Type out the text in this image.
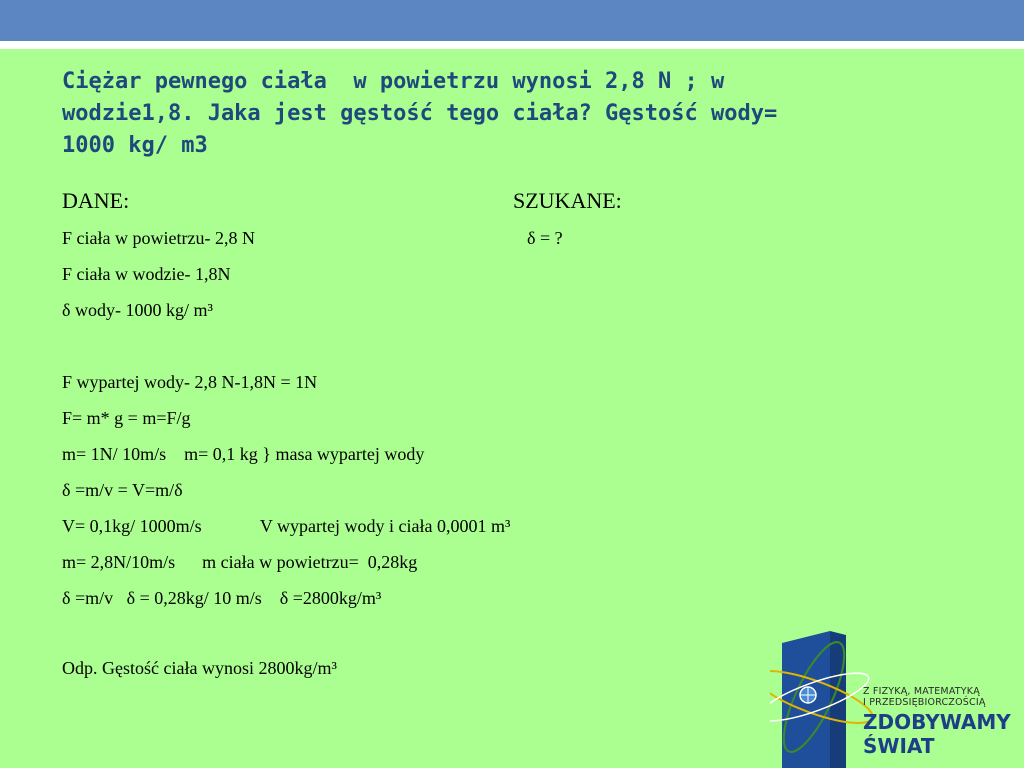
Ciężar pewnego ciała  w powietrzu wynosi 2,8 N ; w
wodzie1,8. Jaka jest gęstość tego ciała? Gęstość wody=
1000 kg/ m3
DANE:	SZUKANE:
F ciała w powietrzu- 2,8 N	δ = ?
F ciała w wodzie- 1,8N
δ wody- 1000 kg/ m³
F wypartej wody- 2,8 N-1,8N = 1N
F= m* g = m=F/g
m= 1N/ 10m/s    m= 0,1 kg } masa wypartej wody
δ =m/v = V=m/δ
V= 0,1kg/ 1000m/s             V wypartej wody i ciała 0,0001 m³
m= 2,8N/10m/s      m ciała w powietrzu=  0,28kg
δ =m/v   δ = 0,28kg/ 10 m/s    δ =2800kg/m³
Odp. Gęstość ciała wynosi 2800kg/m³
Z FIZYKĄ, MATEMATYKĄ
I PRZEDSIĘBIORCZOŚCIĄ
ZDOBYWAMY
ŚWIAT
